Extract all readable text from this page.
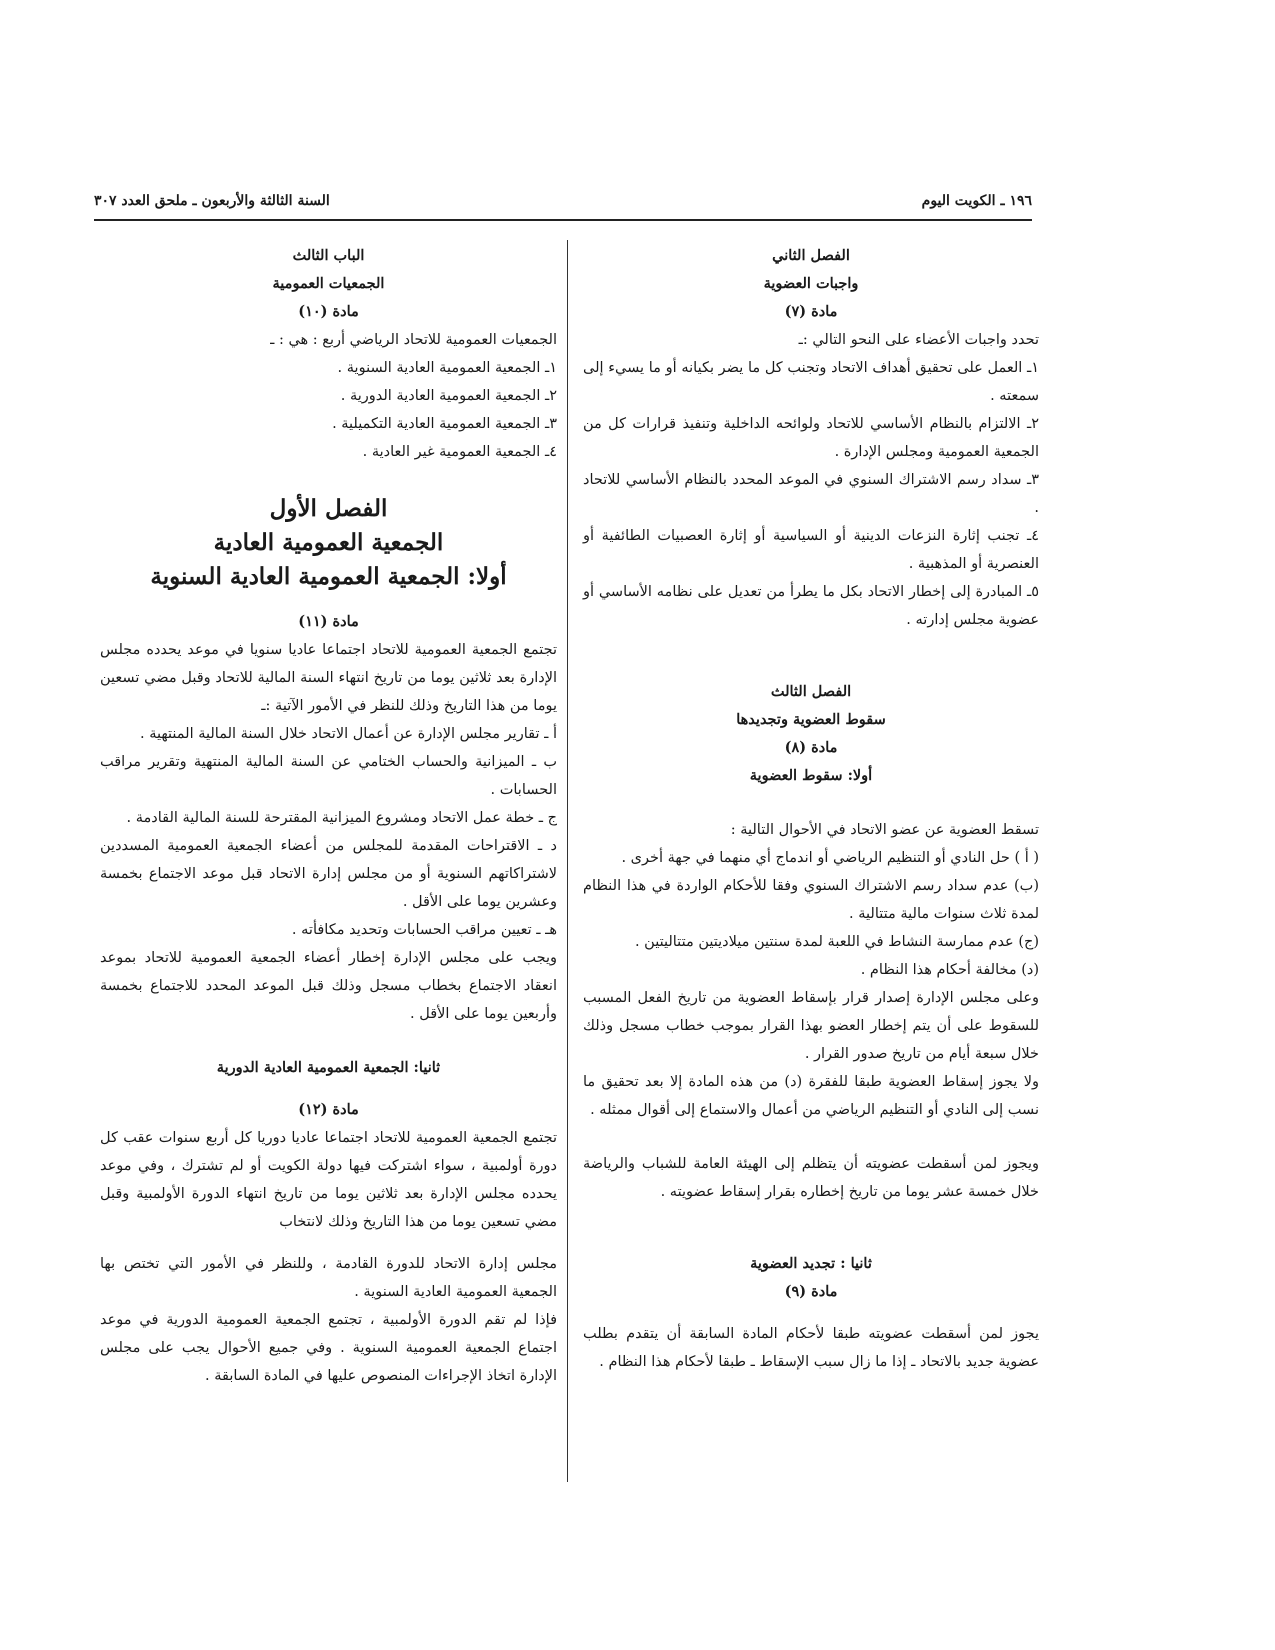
١٩٦ ـ الكويت اليوم
السنة الثالثة والأربعون ـ ملحق العدد ٣٠٧

الفصل الثاني

واجبات العضوية

مادة (٧)

تحدد واجبات الأعضاء على النحو التالي :ـ

١ـ العمل على تحقيق أهداف الاتحاد وتجنب كل ما يضر بكيانه أو ما يسيء إلى سمعته .

٢ـ الالتزام بالنظام الأساسي للاتحاد ولوائحه الداخلية وتنفيذ قرارات كل من الجمعية العمومية ومجلس الإدارة .

٣ـ سداد رسم الاشتراك السنوي في الموعد المحدد بالنظام الأساسي للاتحاد .

٤ـ تجنب إثارة النزعات الدينية أو السياسية أو إثارة العصبيات الطائفية أو العنصرية أو المذهبية .

٥ـ المبادرة إلى إخطار الاتحاد بكل ما يطرأ من تعديل على نظامه الأساسي أو عضوية مجلس إدارته .

الفصل الثالث

سقوط العضوية وتجديدها

مادة (٨)

أولا: سقوط العضوية

تسقط العضوية عن عضو الاتحاد في الأحوال التالية :

( أ ) حل النادي أو التنظيم الرياضي أو اندماج أي منهما في جهة أخرى .

(ب) عدم سداد رسم الاشتراك السنوي وفقا للأحكام الواردة في هذا النظام لمدة ثلاث سنوات مالية متتالية .

(ج) عدم ممارسة النشاط في اللعبة لمدة سنتين ميلاديتين متتاليتين .

(د) مخالفة أحكام هذا النظام .

وعلى مجلس الإدارة إصدار قرار بإسقاط العضوية من تاريخ الفعل المسبب للسقوط على أن يتم إخطار العضو بهذا القرار بموجب خطاب مسجل وذلك خلال سبعة أيام من تاريخ صدور القرار .

ولا يجوز إسقاط العضوية طبقا للفقرة (د) من هذه المادة إلا بعد تحقيق ما نسب إلى النادي أو التنظيم الرياضي من أعمال والاستماع إلى أقوال ممثله .

ويجوز لمن أسقطت عضويته أن يتظلم إلى الهيئة العامة للشباب والرياضة خلال خمسة عشر يوما من تاريخ إخطاره بقرار إسقاط عضويته .

ثانيا : تجديد العضوية

مادة (٩)

يجوز لمن أسقطت عضويته طبقا لأحكام المادة السابقة أن يتقدم بطلب عضوية جديد بالاتحاد ـ إذا ما زال سبب الإسقاط ـ طبقا لأحكام هذا النظام .

الباب الثالث

الجمعيات العمومية

مادة (١٠)

الجمعيات العمومية للاتحاد الرياضي أربع : هي : ـ

١ـ الجمعية العمومية العادية السنوية .

٢ـ الجمعية العمومية العادية الدورية .

٣ـ الجمعية العمومية العادية التكميلية .

٤ـ الجمعية العمومية غير العادية .

الفصل الأول

الجمعية العمومية العادية

أولا: الجمعية العمومية العادية السنوية

مادة (١١)

تجتمع الجمعية العمومية للاتحاد اجتماعا عاديا سنويا في موعد يحدده مجلس الإدارة بعد ثلاثين يوما من تاريخ انتهاء السنة المالية للاتحاد وقبل مضي تسعين يوما من هذا التاريخ وذلك للنظر في الأمور الآتية :ـ

أ ـ تقارير مجلس الإدارة عن أعمال الاتحاد خلال السنة المالية المنتهية .

ب ـ الميزانية والحساب الختامي عن السنة المالية المنتهية وتقرير مراقب الحسابات .

ج ـ خطة عمل الاتحاد ومشروع الميزانية المقترحة للسنة المالية القادمة .

د ـ الاقتراحات المقدمة للمجلس من أعضاء الجمعية العمومية المسددين لاشتراكاتهم السنوية أو من مجلس إدارة الاتحاد قبل موعد الاجتماع بخمسة وعشرين يوما على الأقل .

هـ ـ تعيين مراقب الحسابات وتحديد مكافأته .

ويجب على مجلس الإدارة إخطار أعضاء الجمعية العمومية للاتحاد بموعد انعقاد الاجتماع بخطاب مسجل وذلك قبل الموعد المحدد للاجتماع بخمسة وأربعين يوما على الأقل .

ثانيا: الجمعية العمومية العادية الدورية

مادة (١٢)

تجتمع الجمعية العمومية للاتحاد اجتماعا عاديا دوريا كل أربع سنوات عقب كل دورة أولمبية ، سواء اشتركت فيها دولة الكويت أو لم تشترك ، وفي موعد يحدده مجلس الإدارة بعد ثلاثين يوما من تاريخ انتهاء الدورة الأولمبية وقبل مضي تسعين يوما من هذا التاريخ وذلك لانتخاب

مجلس إدارة الاتحاد للدورة القادمة ، وللنظر في الأمور التي تختص بها الجمعية العمومية العادية السنوية .

فإذا لم تقم الدورة الأولمبية ، تجتمع الجمعية العمومية الدورية في موعد اجتماع الجمعية العمومية السنوية . وفي جميع الأحوال يجب على مجلس الإدارة اتخاذ الإجراءات المنصوص عليها في المادة السابقة .
